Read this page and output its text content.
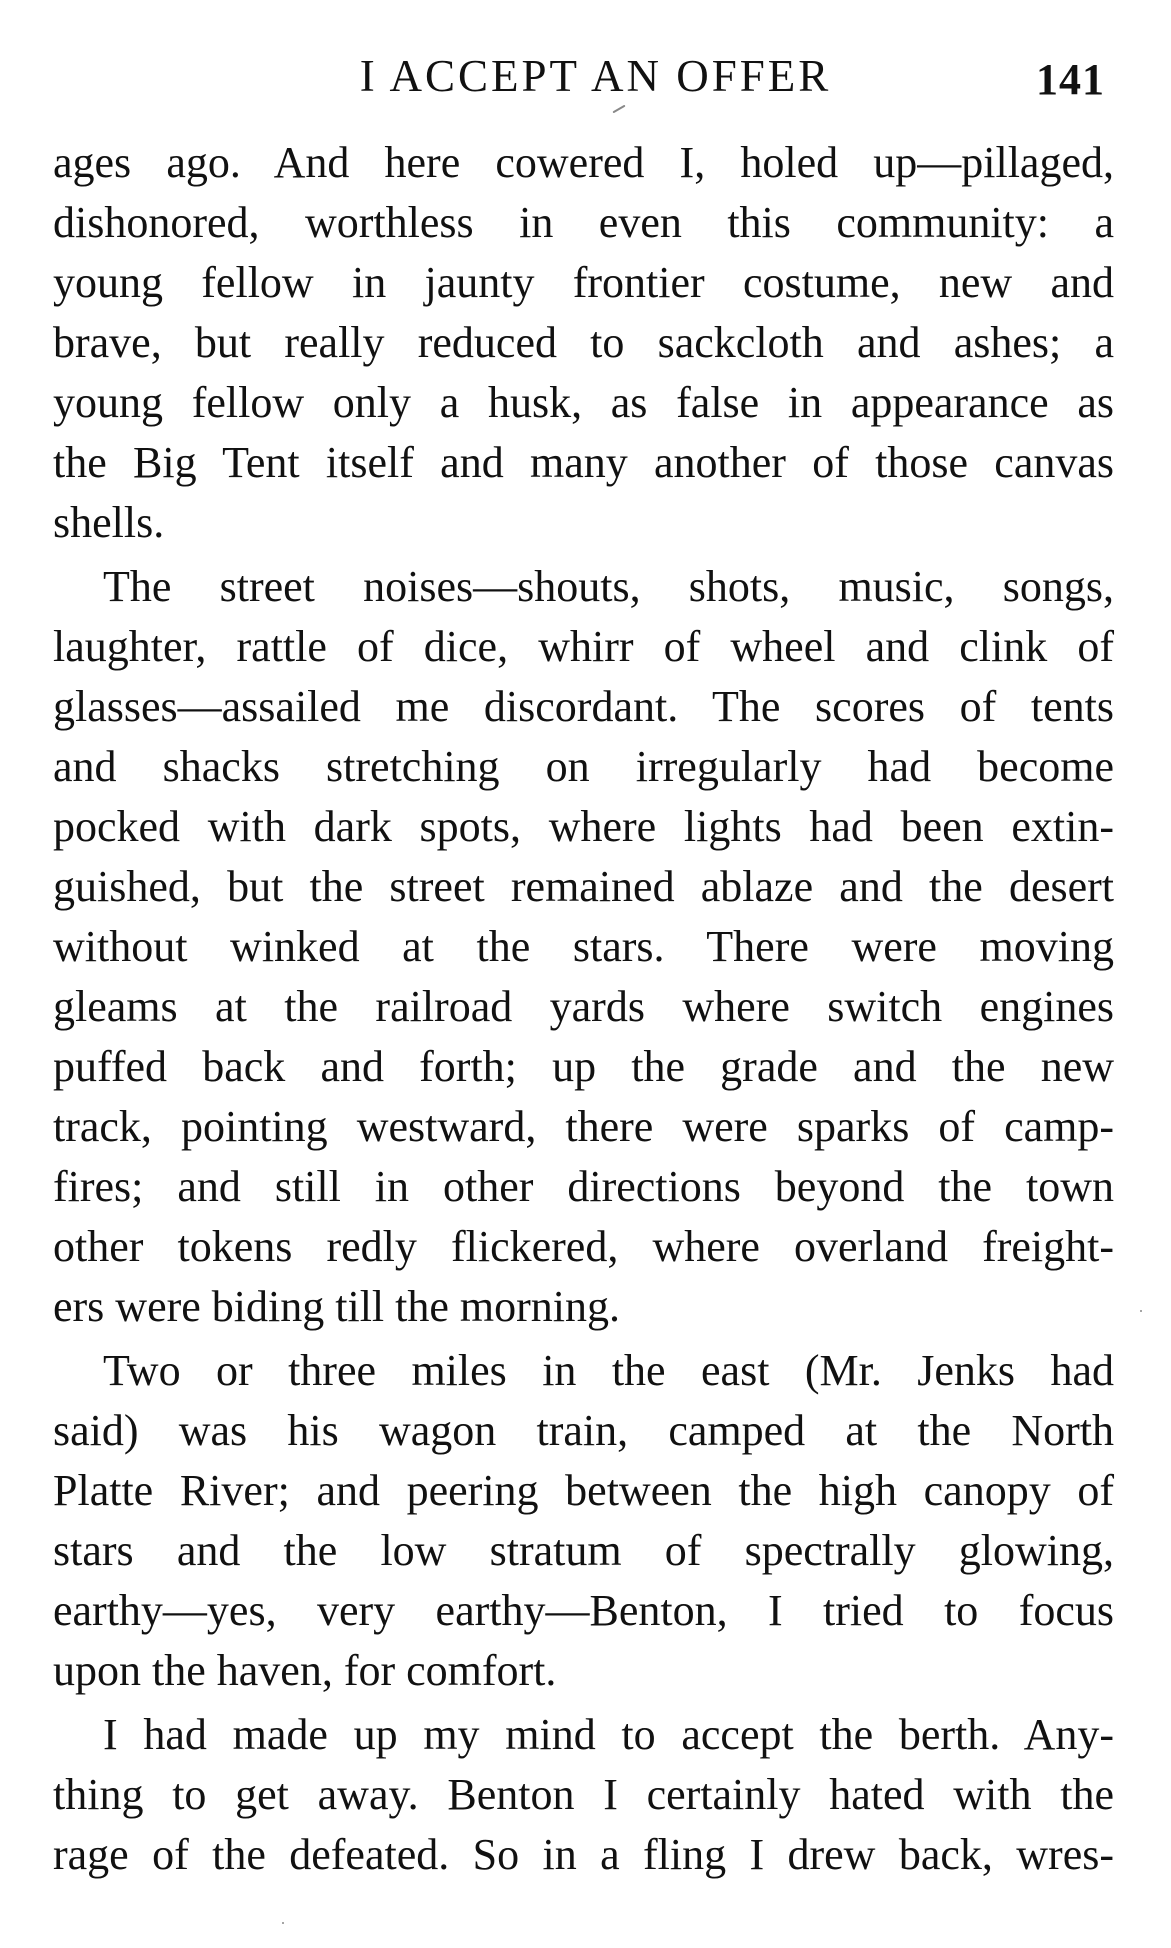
I ACCEPT AN OFFER	141
ages ago. And here cowered I, holed up—pillaged,
dishonored, worthless in even this community: a
young fellow in jaunty frontier costume, new and
brave, but really reduced to sackcloth and ashes; a
young fellow only a husk, as false in appearance as
the Big Tent itself and many another of those canvas
shells.
The street noises—shouts, shots, music, songs,
laughter, rattle of dice, whirr of wheel and clink of
glasses—assailed me discordant. The scores of tents
and shacks stretching on irregularly had become
pocked with dark spots, where lights had been extin-
guished, but the street remained ablaze and the desert
without winked at the stars. There were moving
gleams at the railroad yards where switch engines
puffed back and forth; up the grade and the new
track, pointing westward, there were sparks of camp-
fires; and still in other directions beyond the town
other tokens redly flickered, where overland freight-
ers were biding till the morning.
Two or three miles in the east (Mr. Jenks had
said) was his wagon train, camped at the North
Platte River; and peering between the high canopy of
stars and the low stratum of spectrally glowing,
earthy—yes, very earthy—Benton, I tried to focus
upon the haven, for comfort.
I had made up my mind to accept the berth. Any-
thing to get away. Benton I certainly hated with the
rage of the defeated. So in a fling I drew back, wres-
